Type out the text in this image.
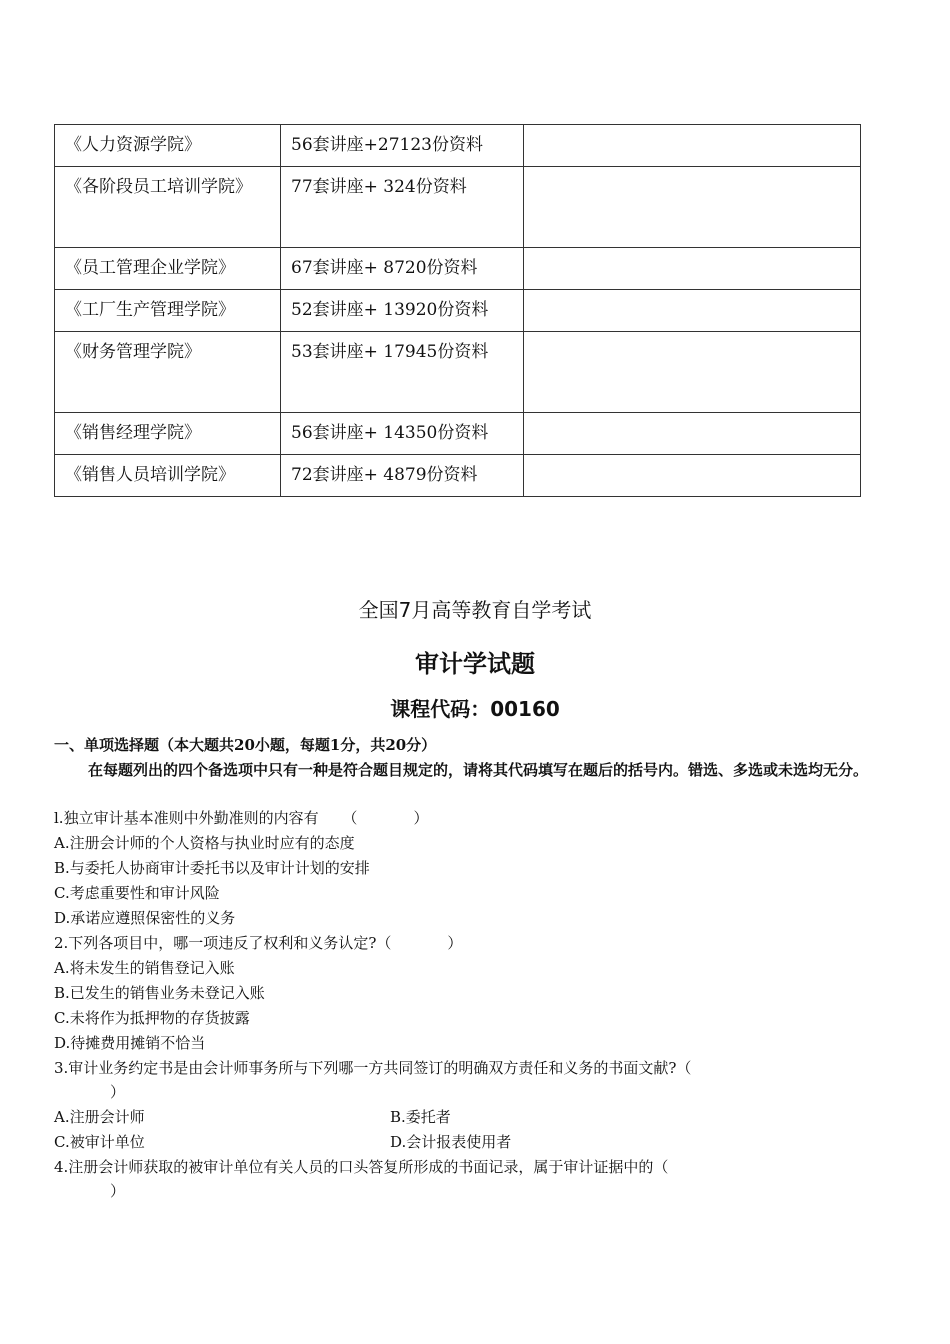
《人力资源学院》	56套讲座+27123份资料	
《各阶段员工培训学院》	77套讲座+ 324份资料	
《员工管理企业学院》	67套讲座+ 8720份资料	
《工厂生产管理学院》	52套讲座+ 13920份资料	
《财务管理学院》	53套讲座+ 17945份资料	
《销售经理学院》	56套讲座+ 14350份资料	
《销售人员培训学院》	72套讲座+ 4879份资料	
全国7月高等教育自学考试
审计学试题
课程代码：00160
一、单项选择题（本大题共20小题，每题1分，共20分）
在每题列出的四个备选项中只有一种是符合题目规定的，请将其代码填写在题后的括号内。错选、多选或未选均无分。
l.独立审计基本准则中外勤准则的内容有 （	）
A.注册会计师的个人资格与执业时应有的态度
B.与委托人协商审计委托书以及审计计划的安排
C.考虑重要性和审计风险
D.承诺应遵照保密性的义务
2.下列各项目中，哪一项违反了权利和义务认定?（	）
A.将未发生的销售登记入账
B.已发生的销售业务未登记入账
C.未将作为抵押物的存货披露
D.待摊费用摊销不恰当
3.审计业务约定书是由会计师事务所与下列哪一方共同签订的明确双方责任和义务的书面文献?（）
A.注册会计师	B.委托者
C.被审计单位	D.会计报表使用者
4.注册会计师获取的被审计单位有关人员的口头答复所形成的书面记录，属于审计证据中的（）
